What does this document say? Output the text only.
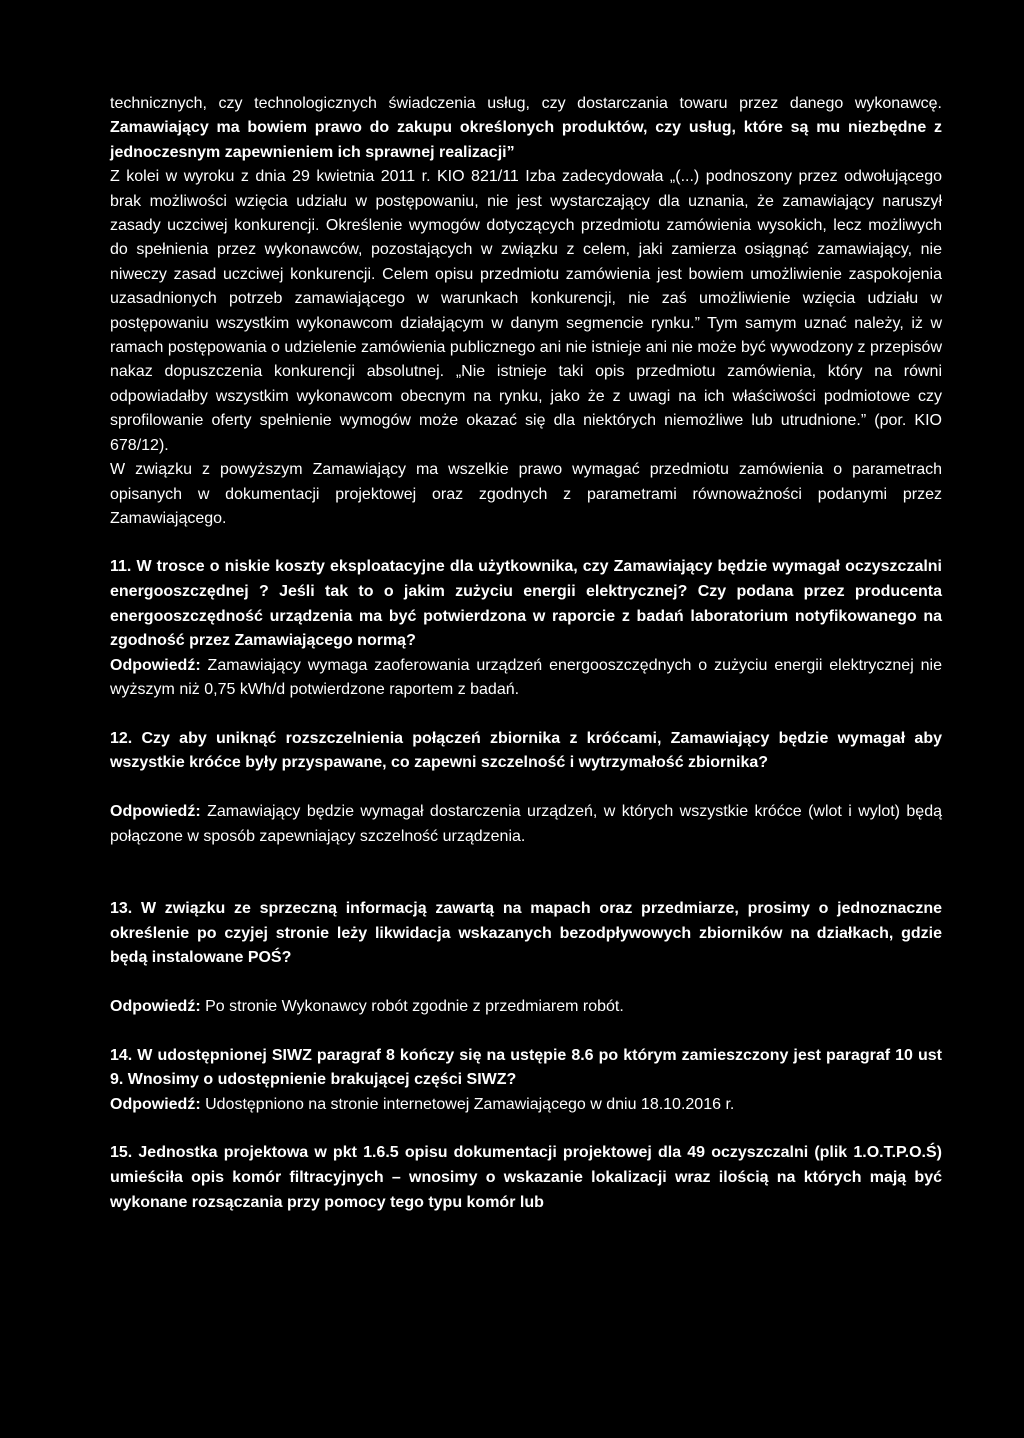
technicznych, czy technologicznych świadczenia usług, czy dostarczania towaru przez danego wykonawcę. Zamawiający ma bowiem prawo do zakupu określonych produktów, czy usług, które są mu niezbędne z jednoczesnym zapewnieniem ich sprawnej realizacji”
Z kolei w wyroku z dnia 29 kwietnia 2011 r. KIO 821/11 Izba zadecydowała „(...) podnoszony przez odwołującego brak możliwości wzięcia udziału w postępowaniu, nie jest wystarczający dla uznania, że zamawiający naruszył zasady uczciwej konkurencji. Określenie wymogów dotyczących przedmiotu zamówienia wysokich, lecz możliwych do spełnienia przez wykonawców, pozostających w związku z celem, jaki zamierza osiągnąć zamawiający, nie niweczy zasad uczciwej konkurencji. Celem opisu przedmiotu zamówienia jest bowiem umożliwienie zaspokojenia uzasadnionych potrzeb zamawiającego w warunkach konkurencji, nie zaś umożliwienie wzięcia udziału w postępowaniu wszystkim wykonawcom działającym w danym segmencie rynku.” Tym samym uznać należy, iż w ramach postępowania o udzielenie zamówienia publicznego ani nie istnieje ani nie może być wywodzony z przepisów nakaz dopuszczenia konkurencji absolutnej. „Nie istnieje taki opis przedmiotu zamówienia, który na równi odpowiadałby wszystkim wykonawcom obecnym na rynku, jako że z uwagi na ich właściwości podmiotowe czy sprofilowanie oferty spełnienie wymogów może okazać się dla niektórych niemożliwe lub utrudnione.” (por. KIO 678/12).
W związku z powyższym Zamawiający ma wszelkie prawo wymagać przedmiotu zamówienia o parametrach opisanych w dokumentacji projektowej oraz zgodnych z parametrami równoważności podanymi przez Zamawiającego.

11. W trosce o niskie koszty eksploatacyjne dla użytkownika, czy Zamawiający będzie wymagał oczyszczalni energooszczędnej ? Jeśli tak to o jakim zużyciu energii elektrycznej? Czy podana przez producenta energooszczędność urządzenia ma być potwierdzona w raporcie z badań laboratorium notyfikowanego na zgodność przez Zamawiającego normą?

Odpowiedź: Zamawiający wymaga zaoferowania urządzeń energooszczędnych o zużyciu energii elektrycznej nie wyższym niż 0,75 kWh/d potwierdzone raportem z badań.

12. Czy aby uniknąć rozszczelnienia połączeń zbiornika z króćcami, Zamawiający będzie wymagał aby wszystkie króćce były przyspawane, co zapewni szczelność i wytrzymałość zbiornika?

Odpowiedź: Zamawiający będzie wymagał dostarczenia urządzeń, w których wszystkie króćce (wlot i wylot) będą połączone w sposób zapewniający szczelność urządzenia.

13. W związku ze sprzeczną informacją zawartą na mapach oraz przedmiarze, prosimy o jednoznaczne określenie po czyjej stronie leży likwidacja wskazanych bezodpływowych zbiorników na działkach, gdzie będą instalowane POŚ?

Odpowiedź: Po stronie Wykonawcy robót zgodnie z przedmiarem robót.

14. W udostępnionej SIWZ paragraf 8 kończy się na ustępie 8.6 po którym zamieszczony jest paragraf 10 ust 9. Wnosimy o udostępnienie brakującej części SIWZ?

Odpowiedź: Udostępniono na stronie internetowej Zamawiającego w dniu 18.10.2016 r.

15. Jednostka projektowa w pkt 1.6.5 opisu dokumentacji projektowej dla 49 oczyszczalni (plik 1.O.T.P.O.Ś) umieściła opis komór filtracyjnych – wnosimy o wskazanie lokalizacji wraz ilością na których mają być wykonane rozsączania przy pomocy tego typu komór lub
